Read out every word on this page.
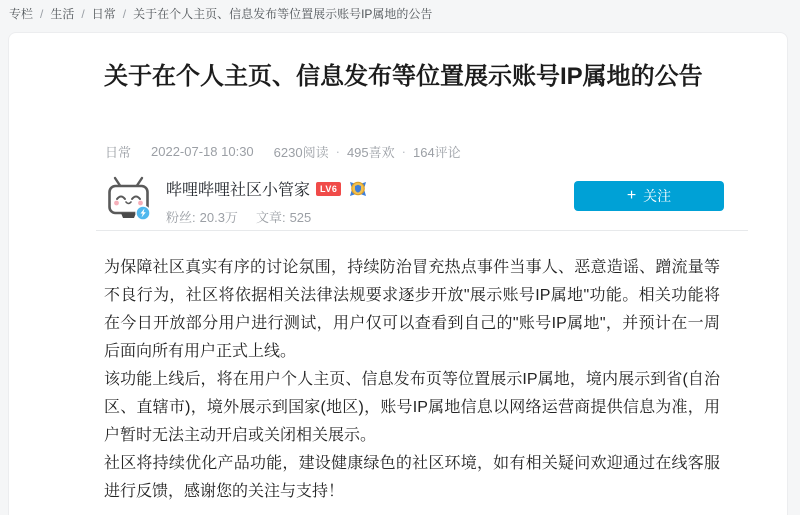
专栏 / 生活 / 日常 / 关于在个人主页、信息发布等位置展示账号IP属地的公告
关于在个人主页、信息发布等位置展示账号IP属地的公告
日常 2022-07-18 10:30 6230阅读 · 495喜欢 · 164评论
哔哩哔哩社区小管家	LV6
粉丝: 20.3万 文章: 525
+ 关注

为保障社区真实有序的讨论氛围，持续防治冒充热点事件当事人、恶意造谣、蹭流量等不良行为，社区将依据相关法律法规要求逐步开放"展示账号IP属地"功能。相关功能将在今日开放部分用户进行测试，用户仅可以查看到自己的"账号IP属地"，并预计在一周后面向所有用户正式上线。

该功能上线后，将在用户个人主页、信息发布页等位置展示IP属地，境内展示到省(自治区、直辖市)，境外展示到国家(地区)，账号IP属地信息以网络运营商提供信息为准，用户暂时无法主动开启或关闭相关展示。

社区将持续优化产品功能，建设健康绿色的社区环境，如有相关疑问欢迎通过在线客服进行反馈，感谢您的关注与支持！
